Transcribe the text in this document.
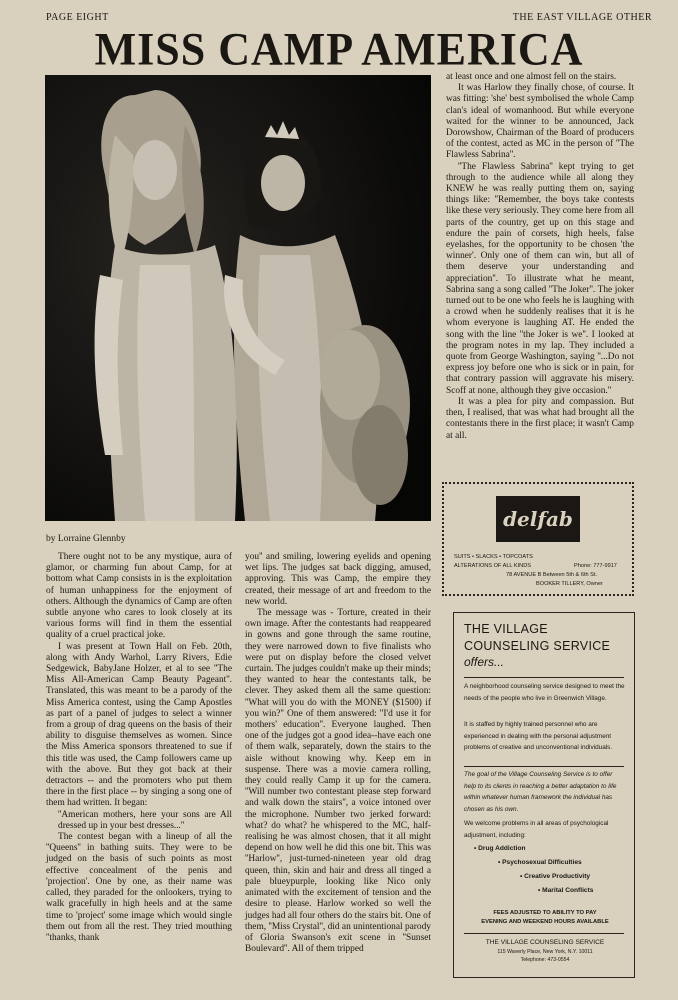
PAGE EIGHT	THE EAST VILLAGE OTHER
MISS CAMP AMERICA
by Lorraine Glennby

There ought not to be any mystique, aura of glamor, or charming fun about Camp, for at bottom what Camp consists in is the exploitation of human unhappiness for the enjoyment of others. Although the dynamics of Camp are often subtle anyone who cares to look closely at its various forms will find in them the essential quality of a cruel practical joke.

I was present at Town Hall on Feb. 20th, along with Andy Warhol, Larry Rivers, Edie Sedgewick, BabyJane Holzer, et al to see ''The Miss All-American Camp Beauty Pageant''. Translated, this was meant to be a parody of the Miss America contest, using the Camp Apostles as part of a panel of judges to select a winner from a group of drag queens on the basis of their ability to disguise themselves as women. Since the Miss America sponsors threatened to sue if this title was used, the Camp followers came up with the above. But they got back at their detractors -- and the promoters who put them there in the first place -- by singing a song one of them had written. It began:

''American mothers, here your sons are All dressed up in your best dresses...''

The contest began with a lineup of all the ''Queens'' in bathing suits. They were to be judged on the basis of such points as most effective concealment of the penis and 'projection'. One by one, as their name was called, they paraded for the onlookers, trying to walk gracefully in high heels and at the same time to 'project' some image which would single them out from all the rest. They tried mouthing ''thanks, thank

you'' and smiling, lowering eyelids and opening wet lips. The judges sat back digging, amused, approving. This was Camp, the empire they created, their message of art and freedom to the new world.

The message was - Torture, created in their own image. After the contestants had reappeared in gowns and gone through the same routine, they were narrowed down to five finalists who were put on display before the closed velvet curtain. The judges couldn't make up their minds; they wanted to hear the contestants talk, be clever. They asked them all the same question: ''What will you do with the MONEY ($1500) if you win?'' One of them answered: ''I'd use it for mothers' education''. Everyone laughed. Then one of the judges got a good idea--have each one of them walk, separately, down the stairs to the aisle without knowing why. Keep em in suspense. There was a movie camera rolling, they could really Camp it up for the camera. ''Will number two contestant please step forward and walk down the stairs'', a voice intoned over the microphone. Number two jerked forward: what? do what? he whispered to the MC, half-realising he was almost chosen, that it all might depend on how well he did this one bit. This was ''Harlow'', just-turned-nineteen year old drag queen, thin, skin and hair and dress all tinged a pale blueypurple, looking like Nico only animated with the excitement of tension and the desire to please. Harlow worked so well the judges had all four others do the stairs bit. One of them, ''Miss Crystal'', did an unintentional parody of Gloria Swanson's exit scene in ''Sunset Boulevard''. All of them tripped

at least once and one almost fell on the stairs.

It was Harlow they finally chose, of course. It was fitting: 'she' best symbolised the whole Camp clan's ideal of womanhood. But while everyone waited for the winner to be announced, Jack Dorowshow, Chairman of the Board of producers of the contest, acted as MC in the person of ''The Flawless Sabrina''.

''The Flawless Sabrina'' kept trying to get through to the audience while all along they KNEW he was really putting them on, saying things like: ''Remember, the boys take contests like these very seriously. They come here from all parts of the country, get up on this stage and endure the pain of corsets, high heels, false eyelashes, for the opportunity to be chosen 'the winner'. Only one of them can win, but all of them deserve your understanding and appreciation''. To illustrate what he meant, Sabrina sang a song called ''The Joker''. The joker turned out to be one who feels he is laughing with a crowd when he suddenly realises that it is he whom everyone is laughing AT. He ended the song with the line ''the Joker is we''. I looked at the program notes in my lap. They included a quote from George Washington, saying ''...Do not express joy before one who is sick or in pain, for that contrary passion will aggravate his misery. Scoff at none, although they give occasion.''

It was a plea for pity and compassion. But then, I realised, that was what had brought all the contestants there in the first place; it wasn't Camp at all.

delfab
SUITS • SLACKS • TOPCOATS
ALTERATIONS OF ALL KINDS	Phone: 777-9917
78 AVENUE B Between 5th & 6th St.
BOOKER TILLERY, Owner
THE VILLAGE
COUNSELING SERVICE
offers...
A neighborhood counseling service designed to meet the needs of the people who live in Greenwich Village.
It is staffed by highly trained personnel who are experienced in dealing with the personal adjustment problems of creative and unconventional individuals.
The goal of the Village Counseling Service is to offer help to its clients in reaching a better adaptation to life within whatever human framework the individual has chosen as his own.
We welcome problems in all areas of psychological adjustment, including:
• Drug Addiction
• Psychosexual Difficulties
• Creative Productivity
• Marital Conflicts
FEES ADJUSTED TO ABILITY TO PAY
EVENING AND WEEKEND HOURS AVAILABLE
THE VILLAGE COUNSELING SERVICE
115 Waverly Place, New York, N.Y. 10011
Telephone: 473-0554
